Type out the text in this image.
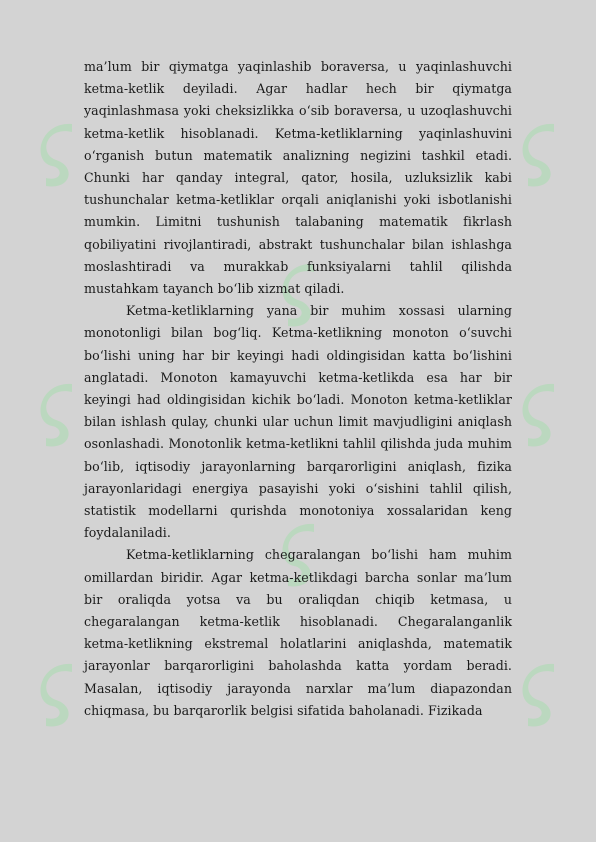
ma’lum bir qiymatga yaqinlashib boraversa, u yaqinlashuvchi ketma-ketlik deyiladi. Agar hadlar hech bir qiymatga yaqinlashmasa yoki cheksizlikka o‘sib boraversa, u uzoqlashuvchi ketma-ketlik hisoblanadi. Ketma-ketliklarning yaqinlashuvini o‘rganish butun matematik analizning negizini tashkil etadi. Chunki har qanday integral, qator, hosila, uzluksizlik kabi tushunchalar ketma-ketliklar orqali aniqlanishi yoki isbotlanishi mumkin. Limitni tushunish talabaning matematik fikrlash qobiliyatini rivojlantiradi, abstrakt tushunchalar bilan ishlashga moslashtiradi va murakkab funksiyalarni tahlil qilishda mustahkam tayanch bo‘lib xizmat qiladi.

Ketma-ketliklarning yana bir muhim xossasi ularning monotonligi bilan bog‘liq. Ketma-ketlikning monoton o‘suvchi bo‘lishi uning har bir keyingi hadi oldingisidan katta bo‘lishini anglatadi. Monoton kamayuvchi ketma-ketlikda esa har bir keyingi had oldingisidan kichik bo‘ladi. Monoton ketma-ketliklar bilan ishlash qulay, chunki ular uchun limit mavjudligini aniqlash osonlashadi. Monotonlik ketma-ketlikni tahlil qilishda juda muhim bo‘lib, iqtisodiy jarayonlarning barqarorligini aniqlash, fizika jarayonlaridagi energiya pasayishi yoki o‘sishini tahlil qilish, statistik modellarni qurishda monotoniya xossalaridan keng foydalaniladi.

Ketma-ketliklarning chegaralangan bo‘lishi ham muhim omillardan biridir. Agar ketma-ketlikdagi barcha sonlar ma’lum bir oraliqda yotsa va bu oraliqdan chiqib ketmasa, u chegaralangan ketma-ketlik hisoblanadi. Chegaralanganlik ketma-ketlikning ekstremal holatlarini aniqlashda, matematik jarayonlar barqarorligini baholashda katta yordam beradi. Masalan, iqtisodiy jarayonda narxlar ma’lum diapazondan chiqmasa, bu barqarorlik belgisi sifatida baholanadi. Fizikada
